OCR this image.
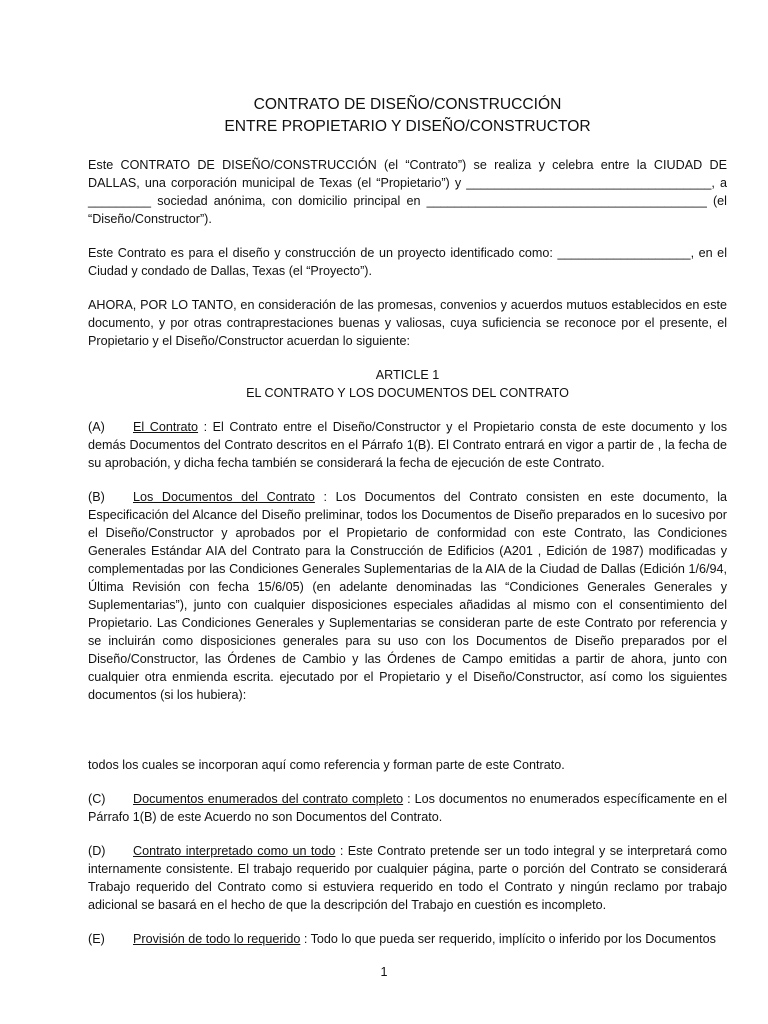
CONTRATO DE DISEÑO/CONSTRUCCIÓN
ENTRE PROPIETARIO Y DISEÑO/CONSTRUCTOR

Este CONTRATO DE DISEÑO/CONSTRUCCIÓN (el “Contrato”) se realiza y celebra entre la CIUDAD DE DALLAS, una corporación municipal de Texas (el “Propietario”) y ___________________________________, a _________ sociedad anónima, con domicilio principal en ________________________________________ (el “Diseño/Constructor”).

Este Contrato es para el diseño y construcción de un proyecto identificado como: ___________________, en el Ciudad y condado de Dallas, Texas (el “Proyecto”).

AHORA, POR LO TANTO, en consideración de las promesas, convenios y acuerdos mutuos establecidos en este documento, y por otras contraprestaciones buenas y valiosas, cuya suficiencia se reconoce por el presente, el Propietario y el Diseño/Constructor acuerdan lo siguiente:

ARTICLE 1
EL CONTRATO Y LOS DOCUMENTOS DEL CONTRATO

(A) El Contrato : El Contrato entre el Diseño/Constructor y el Propietario consta de este documento y los demás Documentos del Contrato descritos en el Párrafo 1(B). El Contrato entrará en vigor a partir de , la fecha de su aprobación, y dicha fecha también se considerará la fecha de ejecución de este Contrato.

(B) Los Documentos del Contrato : Los Documentos del Contrato consisten en este documento, la Especificación del Alcance del Diseño preliminar, todos los Documentos de Diseño preparados en lo sucesivo por el Diseño/Constructor y aprobados por el Propietario de conformidad con este Contrato, las Condiciones Generales Estándar AIA del Contrato para la Construcción de Edificios (A201 , Edición de 1987) modificadas y complementadas por las Condiciones Generales Suplementarias de la AIA de la Ciudad de Dallas (Edición 1/6/94, Última Revisión con fecha 15/6/05) (en adelante denominadas las “Condiciones Generales Generales y Suplementarias”), junto con cualquier disposiciones especiales añadidas al mismo con el consentimiento del Propietario. Las Condiciones Generales y Suplementarias se consideran parte de este Contrato por referencia y se incluirán como disposiciones generales para su uso con los Documentos de Diseño preparados por el Diseño/Constructor, las Órdenes de Cambio y las Órdenes de Campo emitidas a partir de ahora, junto con cualquier otra enmienda escrita. ejecutado por el Propietario y el Diseño/Constructor, así como los siguientes documentos (si los hubiera):

todos los cuales se incorporan aquí como referencia y forman parte de este Contrato.

(C) Documentos enumerados del contrato completo : Los documentos no enumerados específicamente en el Párrafo 1(B) de este Acuerdo no son Documentos del Contrato.

(D) Contrato interpretado como un todo : Este Contrato pretende ser un todo integral y se interpretará como internamente consistente. El trabajo requerido por cualquier página, parte o porción del Contrato se considerará Trabajo requerido del Contrato como si estuviera requerido en todo el Contrato y ningún reclamo por trabajo adicional se basará en el hecho de que la descripción del Trabajo en cuestión es incompleto.

(E) Provisión de todo lo requerido : Todo lo que pueda ser requerido, implícito o inferido por los Documentos

1
